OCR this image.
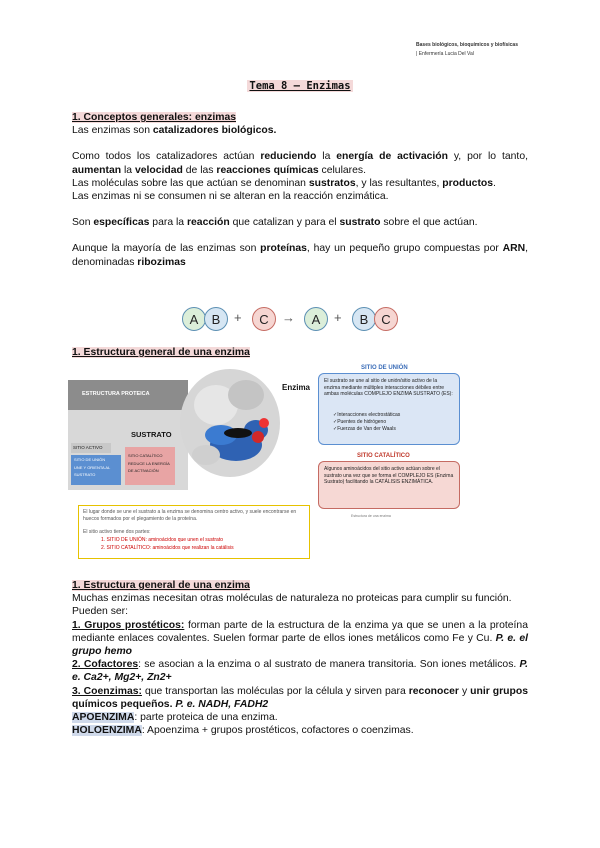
Bases biológicos, bioquímicos y biofísicas
| Enfermería Lucia Del Val
Tema 8 – Enzimas
1. Conceptos generales: enzimas
Las enzimas son catalizadores biológicos.
Como todos los catalizadores actúan reduciendo la energía de activación y, por lo tanto, aumentan la velocidad de las reacciones químicas celulares.
Las moléculas sobre las que actúan se denominan sustratos, y las resultantes, productos.
Las enzimas ni se consumen ni se alteran en la reacción enzimática.
Son específicas para la reacción que catalizan y para el sustrato sobre el que actúan.
Aunque la mayoría de las enzimas son proteínas, hay un pequeño grupo compuestas por ARN, denominadas ribozimas
A	B	+	C	→	A	+	B C
1. Estructura general de una enzima
ESTRUCTURA PROTEICA
SITIO ACTIVO
SITIO DE UNIÓN
UNE Y ORIENTA AL SUSTRATO
SITIO CATALÍTICO
REDUCE LA ENERGÍA DE ACTIVACIÓN
SUSTRATO
Enzima
SITIO DE UNIÓN
El sustrato se une al sitio de unión/sitio activo de la enzima mediante múltiples interacciones débiles entre ambas moléculas COMPLEJO ENZIMA SUSTRATO (ES):
✓Interacciones electrostáticas
✓Puentes de hidrógeno
✓Fuerzas de Van der Waals
SITIO CATALÍTICO
Algunos aminoácidos del sitio activo actúan sobre el sustrato una vez que se forma el COMPLEJO ES (Enzima Sustrato) facilitando la CATÁLISIS ENZIMÁTICA.
Estructura de una enzima
El lugar donde se une el sustrato a la enzima se denomina centro activo, y suele encontrarse en huecos formados por el plegamiento de la proteína.
El sitio activo tiene dos partes:
1. SITIO DE UNIÓN: aminoácidos que unen el sustrato
2. SITIO CATALÍTICO: aminoácidos que realizan la catálisis
1. Estructura general de una enzima
Muchas enzimas necesitan otras moléculas de naturaleza no proteicas para cumplir su función.
Pueden ser:
1. Grupos prostéticos: forman parte de la estructura de la enzima ya que se unen a la proteína mediante enlaces covalentes. Suelen formar parte de ellos iones metálicos como Fe y Cu. P. e. el grupo hemo
2. Cofactores: se asocian a la enzima o al sustrato de manera transitoria. Son iones metálicos. P. e. Ca2+, Mg2+, Zn2+
3. Coenzimas: que transportan las moléculas por la célula y sirven para reconocer y unir grupos químicos pequeños. P. e. NADH, FADH2
APOENZIMA: parte proteica de una enzima.
HOLOENZIMA: Apoenzima + grupos prostéticos, cofactores o coenzimas.
